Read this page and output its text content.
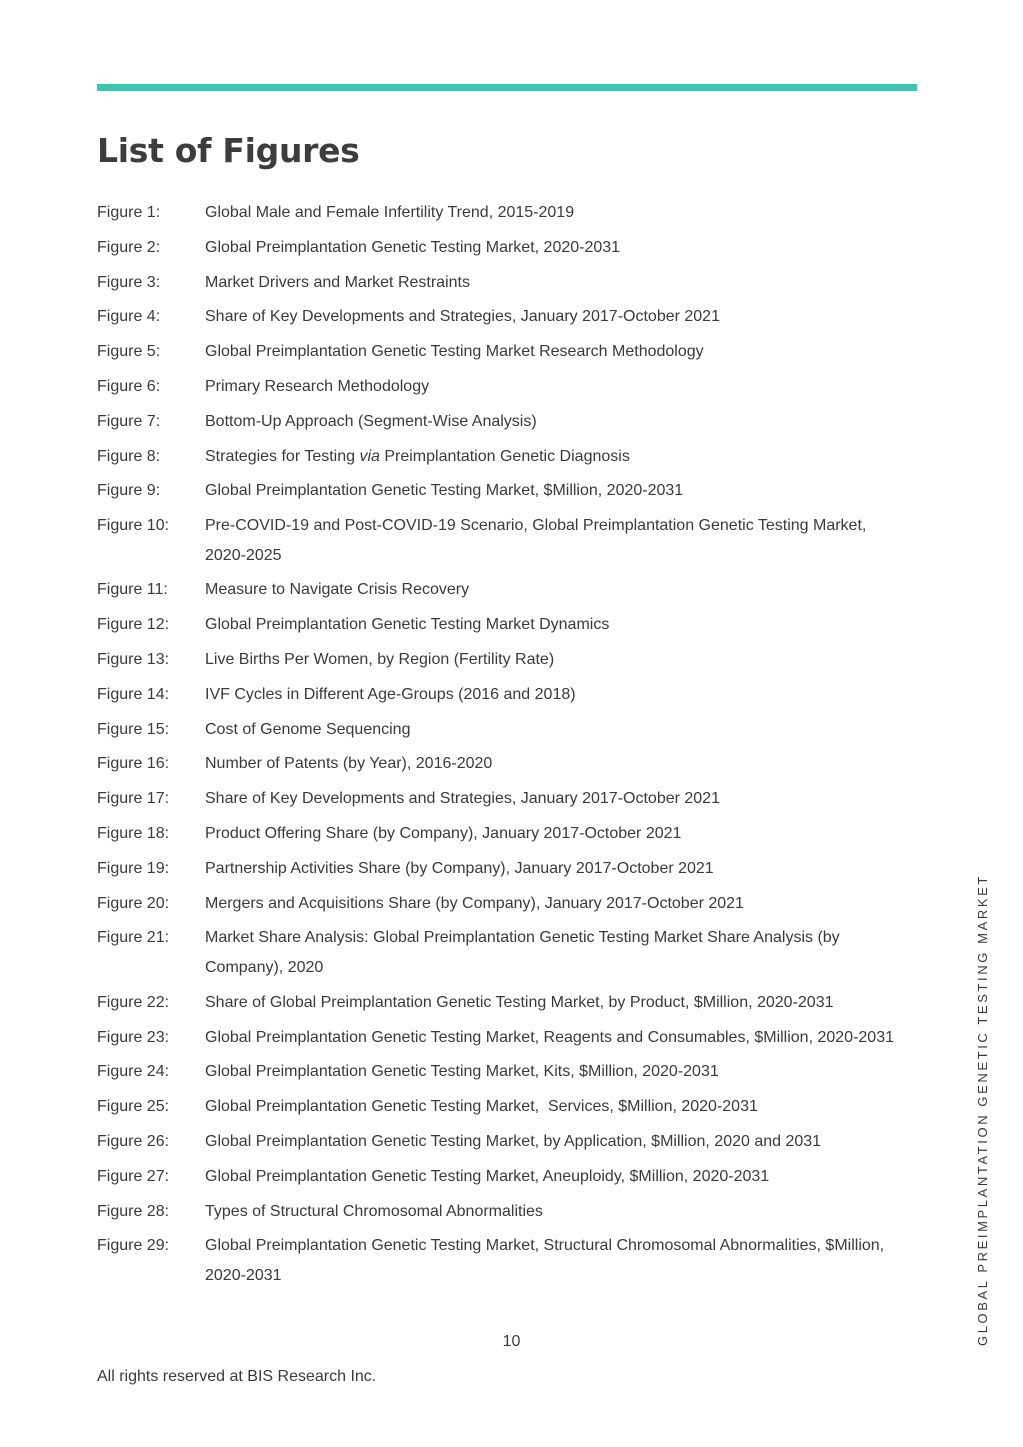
List of Figures
Figure 1:	Global Male and Female Infertility Trend, 2015-2019
Figure 2:	Global Preimplantation Genetic Testing Market, 2020-2031
Figure 3:	Market Drivers and Market Restraints
Figure 4:	Share of Key Developments and Strategies, January 2017-October 2021
Figure 5:	Global Preimplantation Genetic Testing Market Research Methodology
Figure 6:	Primary Research Methodology
Figure 7:	Bottom-Up Approach (Segment-Wise Analysis)
Figure 8:	Strategies for Testing via Preimplantation Genetic Diagnosis
Figure 9:	Global Preimplantation Genetic Testing Market, $Million, 2020-2031
Figure 10:	Pre-COVID-19 and Post-COVID-19 Scenario, Global Preimplantation Genetic Testing Market, 2020-2025
Figure 11:	Measure to Navigate Crisis Recovery
Figure 12:	Global Preimplantation Genetic Testing Market Dynamics
Figure 13:	Live Births Per Women, by Region (Fertility Rate)
Figure 14:	IVF Cycles in Different Age-Groups (2016 and 2018)
Figure 15:	Cost of Genome Sequencing
Figure 16:	Number of Patents (by Year), 2016-2020
Figure 17:	Share of Key Developments and Strategies, January 2017-October 2021
Figure 18:	Product Offering Share (by Company), January 2017-October 2021
Figure 19:	Partnership Activities Share (by Company), January 2017-October 2021
Figure 20:	Mergers and Acquisitions Share (by Company), January 2017-October 2021
Figure 21:	Market Share Analysis: Global Preimplantation Genetic Testing Market Share Analysis (by Company), 2020
Figure 22:	Share of Global Preimplantation Genetic Testing Market, by Product, $Million, 2020-2031
Figure 23:	Global Preimplantation Genetic Testing Market, Reagents and Consumables, $Million, 2020-2031
Figure 24:	Global Preimplantation Genetic Testing Market, Kits, $Million, 2020-2031
Figure 25:	Global Preimplantation Genetic Testing Market,  Services, $Million, 2020-2031
Figure 26:	Global Preimplantation Genetic Testing Market, by Application, $Million, 2020 and 2031
Figure 27:	Global Preimplantation Genetic Testing Market, Aneuploidy, $Million, 2020-2031
Figure 28:	Types of Structural Chromosomal Abnormalities
Figure 29:	Global Preimplantation Genetic Testing Market, Structural Chromosomal Abnormalities, $Million, 2020-2031	GLOBAL PREIMPLANTATION GENETIC TESTING MARKET
10
All rights reserved at BIS Research Inc.
